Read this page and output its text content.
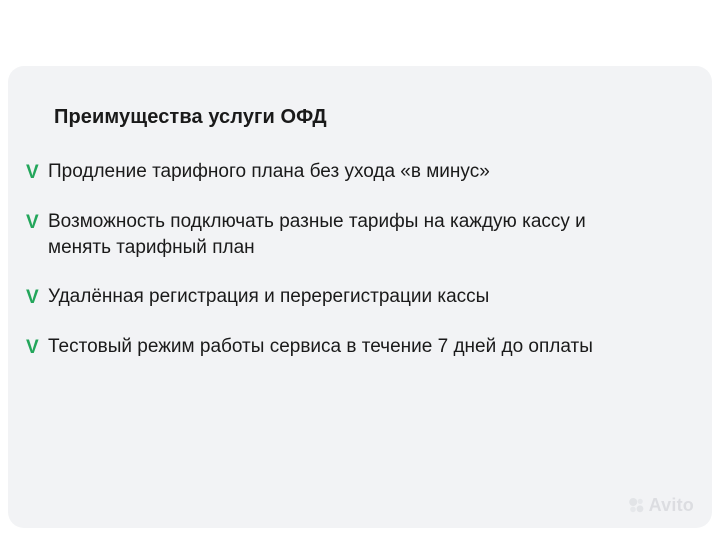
Преимущества услуги ОФД
V Продление тарифного плана без ухода «в минус»
V Возможность подключать разные тарифы на каждую кассу и менять тарифный план
V Удалённая регистрация и перерегистрации кассы
V Тестовый режим работы сервиса в течение 7 дней до оплаты
Avito
